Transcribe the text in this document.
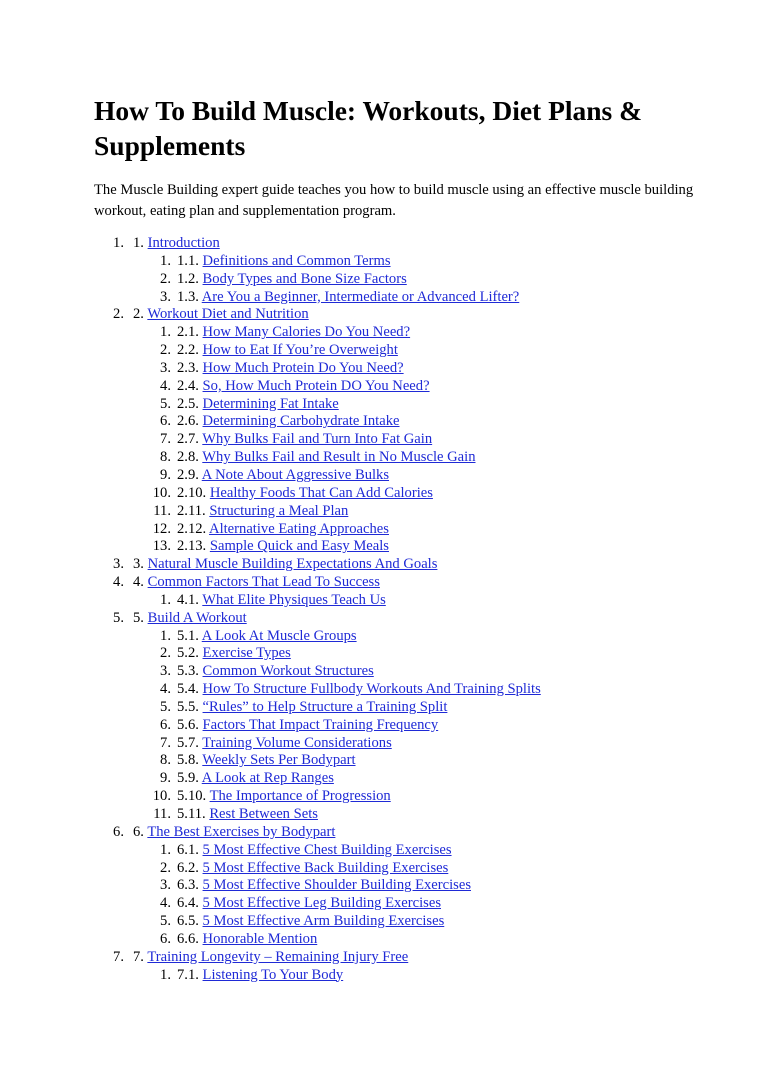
How To Build Muscle: Workouts, Diet Plans & Supplements

The Muscle Building expert guide teaches you how to build muscle using an effective muscle building workout, eating plan and supplementation program.

1. 1. Introduction
1. 1.1. Definitions and Common Terms
2. 1.2. Body Types and Bone Size Factors
3. 1.3. Are You a Beginner, Intermediate or Advanced Lifter?
2. 2. Workout Diet and Nutrition
1. 2.1. How Many Calories Do You Need?
2. 2.2. How to Eat If You’re Overweight
3. 2.3. How Much Protein Do You Need?
4. 2.4. So, How Much Protein DO You Need?
5. 2.5. Determining Fat Intake
6. 2.6. Determining Carbohydrate Intake
7. 2.7. Why Bulks Fail and Turn Into Fat Gain
8. 2.8. Why Bulks Fail and Result in No Muscle Gain
9. 2.9. A Note About Aggressive Bulks
10. 2.10. Healthy Foods That Can Add Calories
11. 2.11. Structuring a Meal Plan
12. 2.12. Alternative Eating Approaches
13. 2.13. Sample Quick and Easy Meals
3. 3. Natural Muscle Building Expectations And Goals
4. 4. Common Factors That Lead To Success
1. 4.1. What Elite Physiques Teach Us
5. 5. Build A Workout
1. 5.1. A Look At Muscle Groups
2. 5.2. Exercise Types
3. 5.3. Common Workout Structures
4. 5.4. How To Structure Fullbody Workouts And Training Splits
5. 5.5. “Rules” to Help Structure a Training Split
6. 5.6. Factors That Impact Training Frequency
7. 5.7. Training Volume Considerations
8. 5.8. Weekly Sets Per Bodypart
9. 5.9. A Look at Rep Ranges
10. 5.10. The Importance of Progression
11. 5.11. Rest Between Sets
6. 6. The Best Exercises by Bodypart
1. 6.1. 5 Most Effective Chest Building Exercises
2. 6.2. 5 Most Effective Back Building Exercises
3. 6.3. 5 Most Effective Shoulder Building Exercises
4. 6.4. 5 Most Effective Leg Building Exercises
5. 6.5. 5 Most Effective Arm Building Exercises
6. 6.6. Honorable Mention
7. 7. Training Longevity – Remaining Injury Free
1. 7.1. Listening To Your Body
